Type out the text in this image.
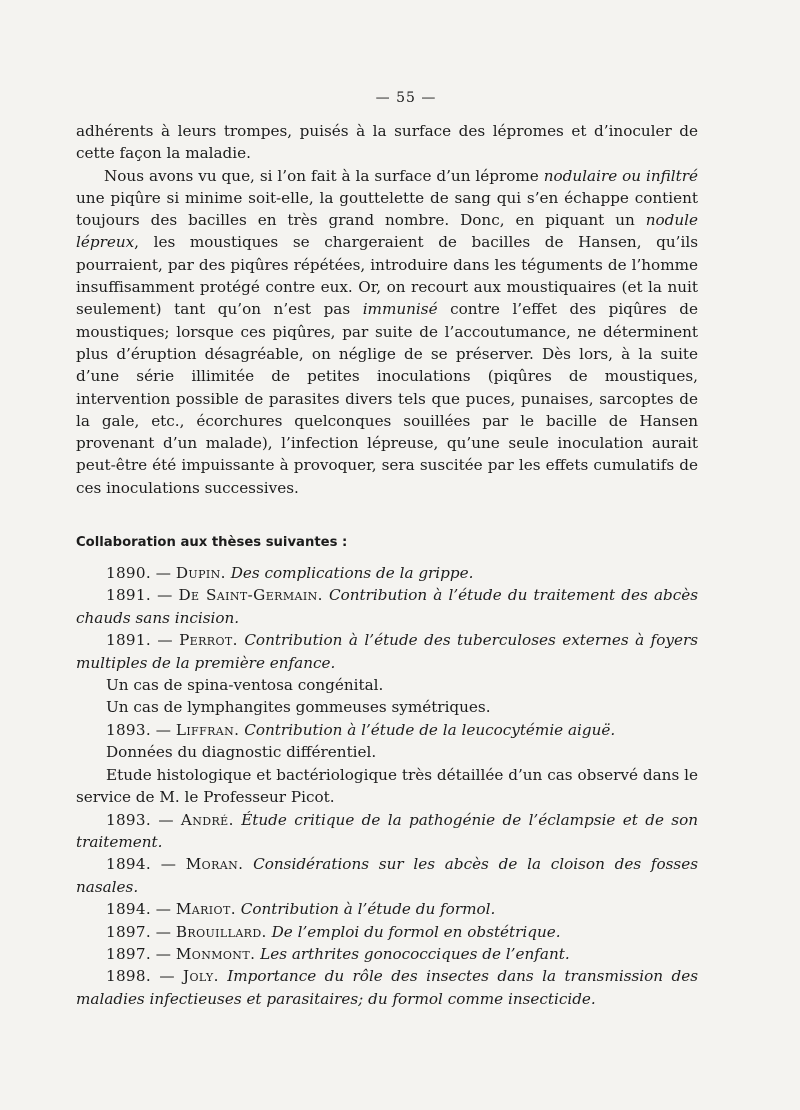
— 55 —

adhérents à leurs trompes, puisés à la surface des lépromes et d’inoculer de cette façon la maladie.

Nous avons vu que, si l’on fait à la surface d’un léprome nodulaire ou infiltré une piqûre si minime soit-elle, la gouttelette de sang qui s’en échappe contient toujours des bacilles en très grand nombre. Donc, en piquant un nodule lépreux, les moustiques se chargeraient de bacilles de Hansen, qu’ils pourraient, par des piqûres répétées, introduire dans les téguments de l’homme insuffisamment protégé contre eux. Or, on recourt aux moustiquaires (et la nuit seulement) tant qu’on n’est pas immunisé contre l’effet des piqûres de moustiques; lorsque ces piqûres, par suite de l’accoutumance, ne déterminent plus d’éruption désagréable, on néglige de se préserver. Dès lors, à la suite d’une série illimitée de petites inoculations (piqûres de moustiques, intervention possible de parasites divers tels que puces, punaises, sarcoptes de la gale, etc., écorchures quelconques souillées par le bacille de Hansen provenant d’un malade), l’infection lépreuse, qu’une seule inoculation aurait peut-être été impuissante à provoquer, sera suscitée par les effets cumulatifs de ces inoculations successives.

Collaboration aux thèses suivantes :

1890. — Dupin. Des complications de la grippe.

1891. — De Saint-Germain. Contribution à l’étude du traitement des abcès chauds sans incision.

1891. — Perrot. Contribution à l’étude des tuberculoses externes à foyers multiples de la première enfance.

Un cas de spina-ventosa congénital.

Un cas de lymphangites gommeuses symétriques.

1893. — Liffran. Contribution à l’étude de la leucocytémie aiguë.

Données du diagnostic différentiel.

Etude histologique et bactériologique très détaillée d’un cas observé dans le service de M. le Professeur Picot.

1893. — André. Étude critique de la pathogénie de l’éclampsie et de son traitement.

1894. — Moran. Considérations sur les abcès de la cloison des fosses nasales.

1894. — Mariot. Contribution à l’étude du formol.

1897. — Brouillard. De l’emploi du formol en obstétrique.

1897. — Monmont. Les arthrites gonococciques de l’enfant.

1898. — Joly. Importance du rôle des insectes dans la transmission des maladies infectieuses et parasitaires; du formol comme insecticide.
